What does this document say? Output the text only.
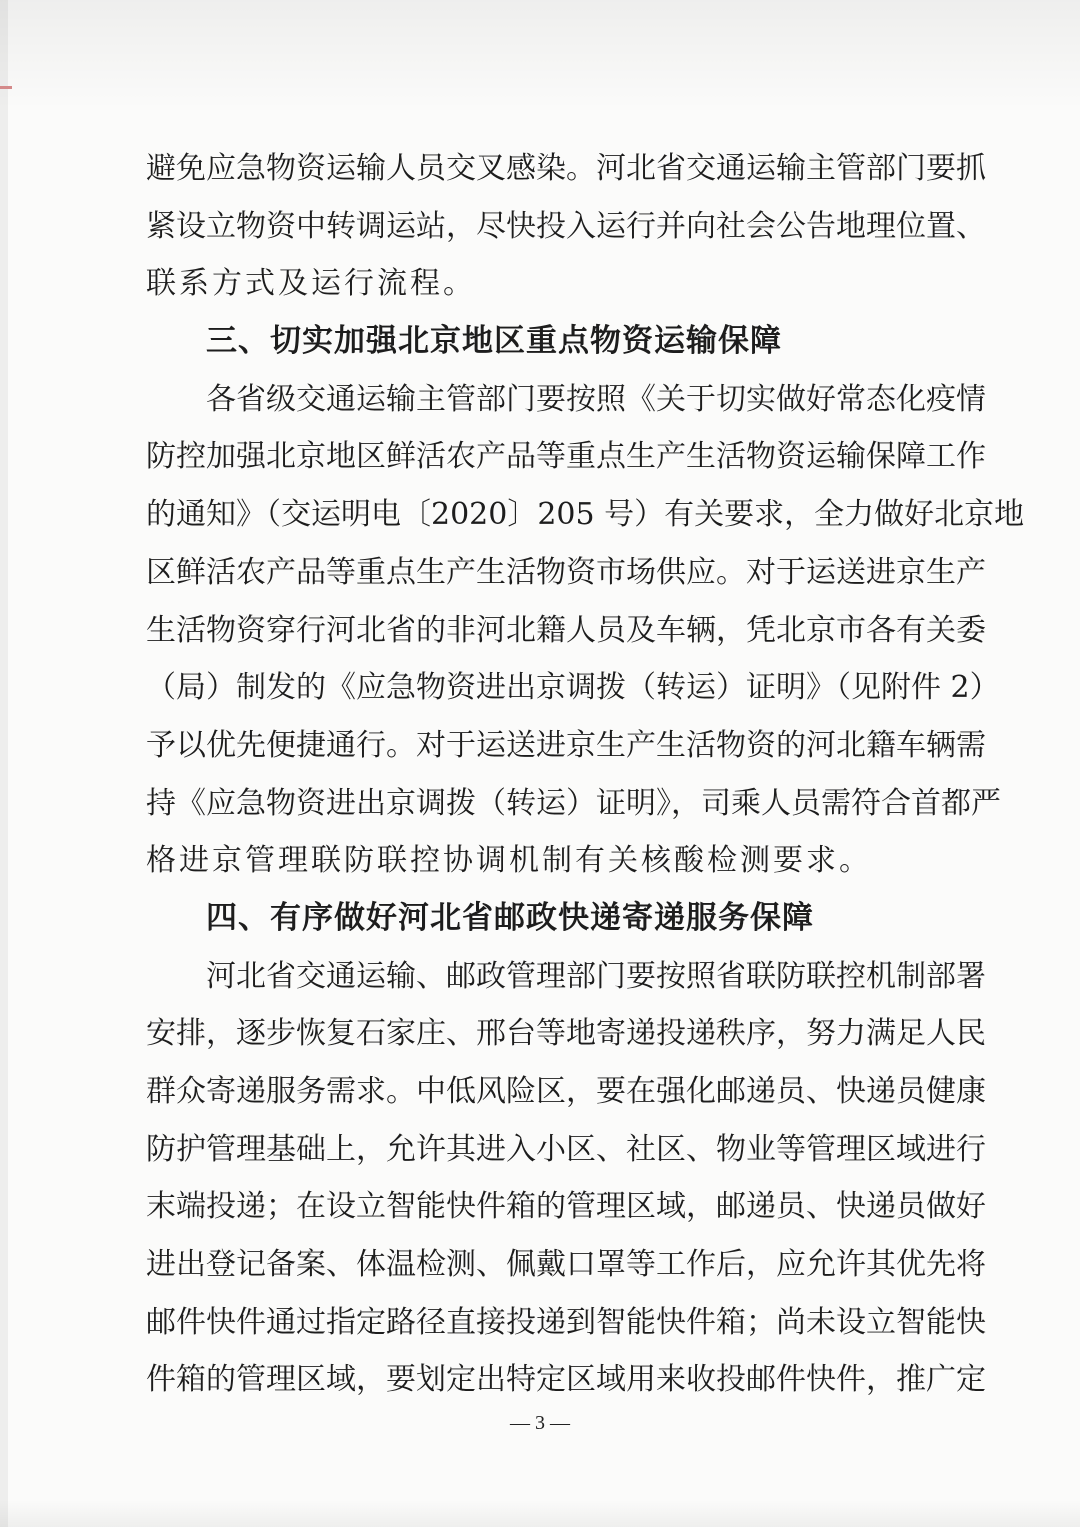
避免应急物资运输人员交叉感染。河北省交通运输主管部门要抓
紧设立物资中转调运站，尽快投入运行并向社会公告地理位置、
联系方式及运行流程。
三、切实加强北京地区重点物资运输保障
　　各省级交通运输主管部门要按照《关于切实做好常态化疫情
防控加强北京地区鲜活农产品等重点生产生活物资运输保障工作
的通知》（交运明电〔2020〕205 号）有关要求，全力做好北京地
区鲜活农产品等重点生产生活物资市场供应。对于运送进京生产
生活物资穿行河北省的非河北籍人员及车辆，凭北京市各有关委
（局）制发的《应急物资进出京调拨（转运）证明》（见附件 2）
予以优先便捷通行。对于运送进京生产生活物资的河北籍车辆需
持《应急物资进出京调拨（转运）证明》，司乘人员需符合首都严
格进京管理联防联控协调机制有关核酸检测要求。
四、有序做好河北省邮政快递寄递服务保障
　　河北省交通运输、邮政管理部门要按照省联防联控机制部署
安排，逐步恢复石家庄、邢台等地寄递投递秩序，努力满足人民
群众寄递服务需求。中低风险区，要在强化邮递员、快递员健康
防护管理基础上，允许其进入小区、社区、物业等管理区域进行
末端投递；在设立智能快件箱的管理区域，邮递员、快递员做好
进出登记备案、体温检测、佩戴口罩等工作后，应允许其优先将
邮件快件通过指定路径直接投递到智能快件箱；尚未设立智能快
件箱的管理区域，要划定出特定区域用来收投邮件快件，推广定
— 3 —
